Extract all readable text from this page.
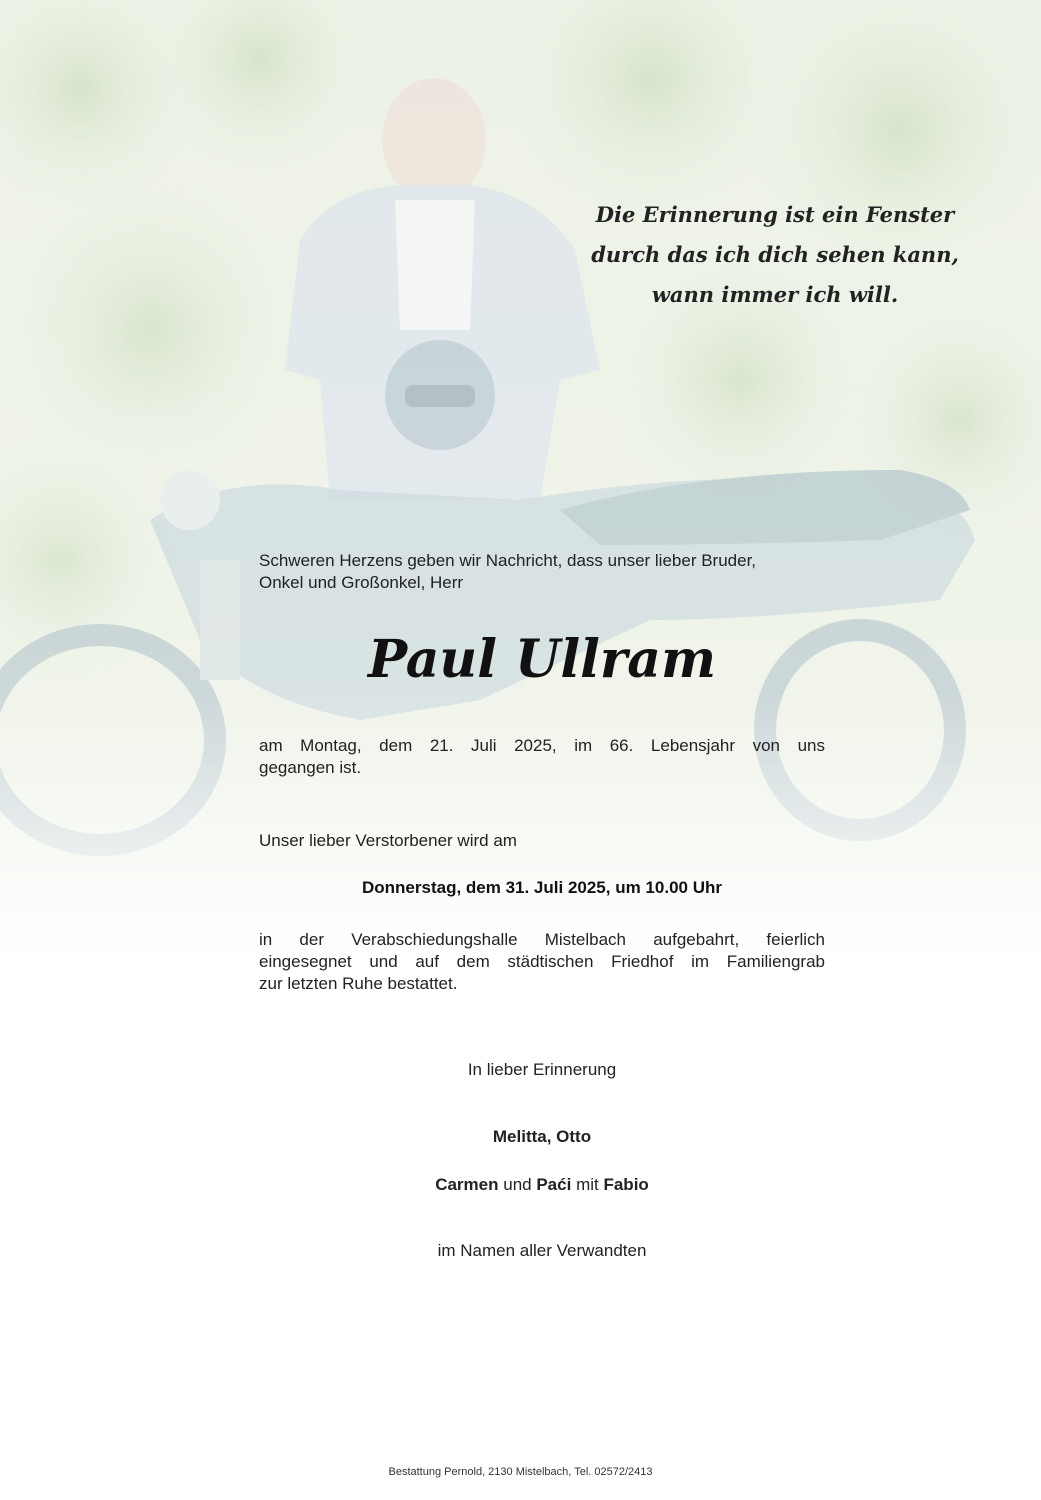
Die Erinnerung ist ein Fenster
durch das ich dich sehen kann,
wann immer ich will.
Schweren Herzens geben wir Nachricht, dass unser lieber Bruder,
Onkel und Großonkel, Herr
Paul Ullram
am Montag, dem 21. Juli 2025, im 66. Lebensjahr von uns
gegangen ist.
Unser lieber Verstorbener wird am
Donnerstag, dem 31. Juli 2025, um 10.00 Uhr
in der Verabschiedungshalle Mistelbach aufgebahrt, feierlich
eingesegnet und auf dem städtischen Friedhof im Familiengrab
zur letzten Ruhe bestattet.
In lieber Erinnerung
Melitta, Otto
Carmen und Paći mit Fabio
im Namen aller Verwandten
Bestattung Pernold, 2130 Mistelbach, Tel. 02572/2413
